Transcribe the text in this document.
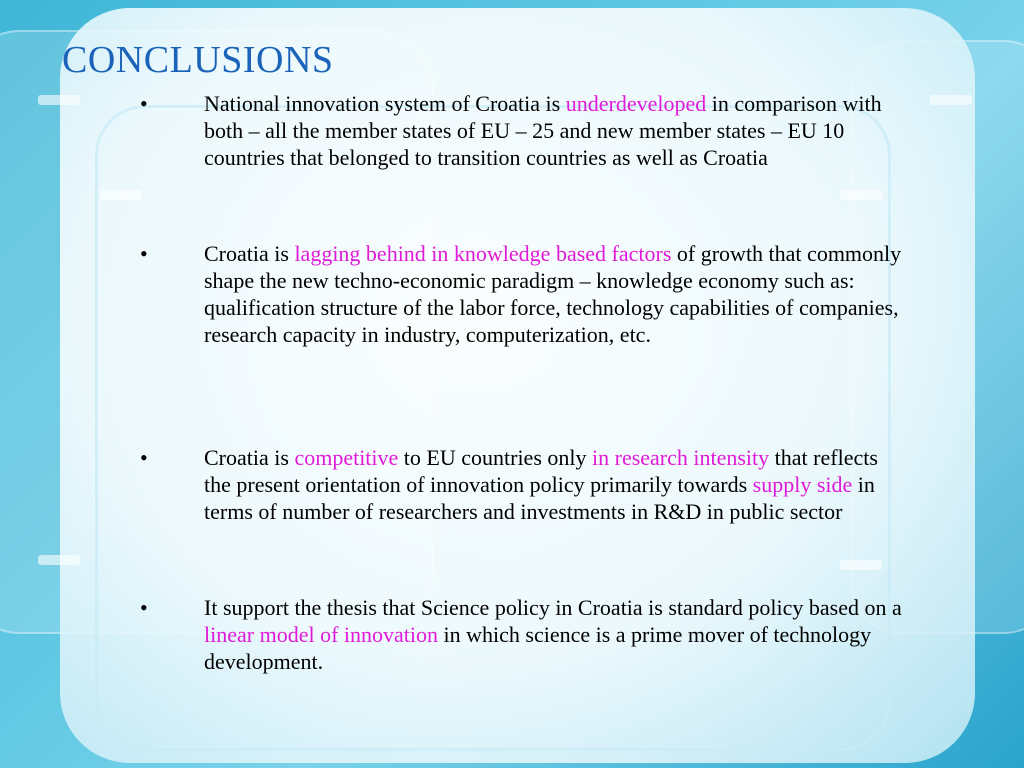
CONCLUSIONS
•	National innovation system of Croatia is underdeveloped in comparison with both – all the member states of EU – 25 and new member states – EU 10 countries that belonged to transition countries as well as Croatia
•	Croatia is lagging behind in knowledge based factors of growth that commonly shape the new techno-economic paradigm – knowledge economy such as: qualification structure of the labor force, technology capabilities of companies, research capacity in industry, computerization, etc.
•	Croatia is competitive to EU countries only in research intensity that reflects the present orientation of innovation policy primarily towards supply side in terms of number of researchers and investments in R&D in public sector
•	It support the thesis that Science policy in Croatia is standard policy based on a linear model of innovation in which science is a prime mover of technology development.
